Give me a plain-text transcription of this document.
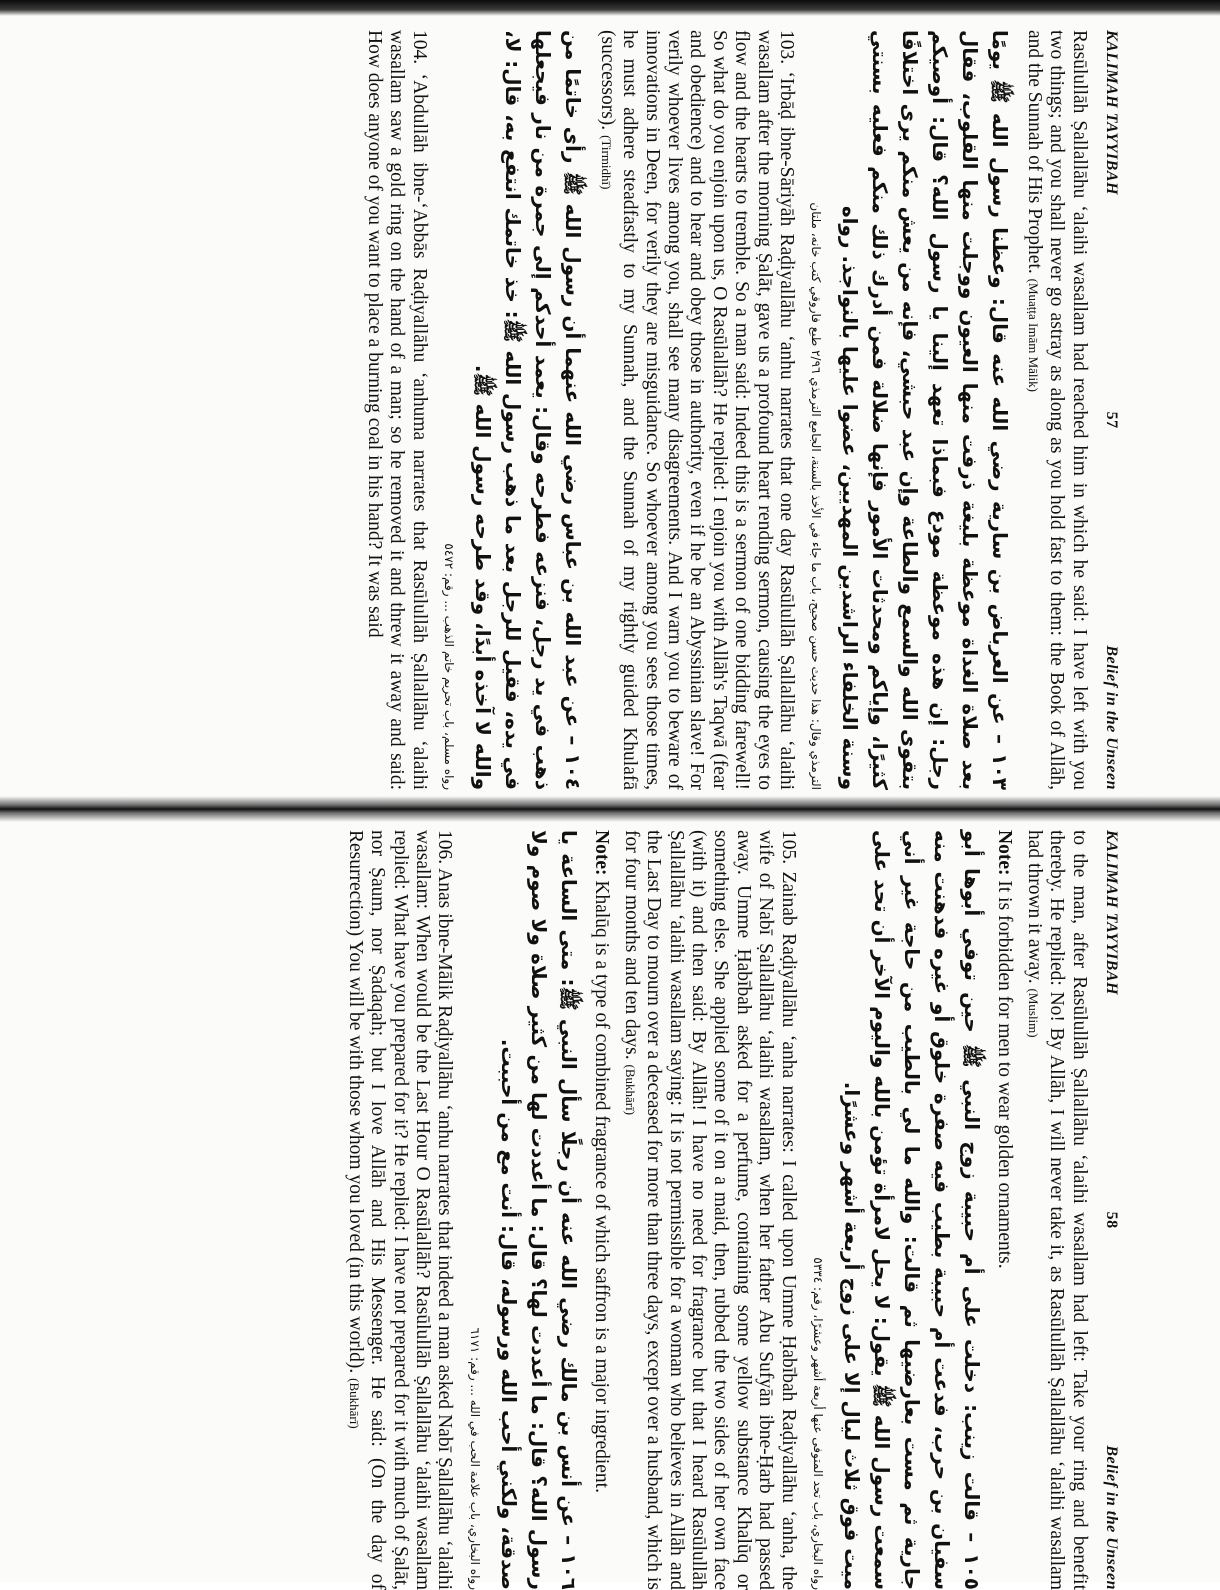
KALIMAH TAYYIBAH
57
Belief in the Unseen

Rasūlullāh Ṣallallāhu ʻalaihi wasallam had reached him in which he said: I have left with you two things; and you shall never go astray as along as you hold fast to them: the Book of Allāh, and the Sunnah of His Prophet. (Muaṭṭa Imām Mālik)

١٠٣ – عن العرباض بن سارية رضي الله عنه قال: وعظنا رسول الله ﷺ يومًا بعد صلاة الغداة موعظة بليغة ذرفت منها العيون ووجلت منها القلوب، فقال رجل: إن هذه موعظة مودع فبماذا تعهد إلينا يا رسول الله؟ قال: أوصيكم بتقوى الله والسمع والطاعة وإن عبد حبشي، فإنه من يعش منكم يرى اختلافًا كثيرًا، وإياكم ومحدثات الأمور فإنها ضلالة فمن أدرك ذلك منكم فعليه بسنتي وسنة الخلفاء الراشدين المهديين، عضوا عليها بالنواجذ. رواه
الترمذي وقال: هذا حديث حسن صحيح، باب ما جاء في الأخذ بالسنة، الجامع الترمذي ٢/٩٦ طبع فاروقي كتب خانه، ملتان

103. ʻIrbāḍ ibne-Sāriyāh Raḍiyallāhu ʻanhu narrates that one day Rasūlullāh Ṣallallāhu ʻalaihi wasallam after the morning Ṣalāt, gave us a profound heart rending sermon, causing the eyes to flow and the hearts to tremble. So a man said: Indeed this is a sermon of one bidding farewell! So what do you enjoin upon us, O Rasūlallāh? He replied: I enjoin you with Allāh's Taqwā (fear and obedience) and to hear and obey those in authority, even if he be an Abyssinian slave! For verily whoever lives among you, shall see many disagreements. And I warn you to beware of innovations in Deen, for verily they are misguidance. So whoever among you sees those times, he must adhere steadfastly to my Sunnah, and the Sunnah of my rightly guided Khulafā (successors). (Tirmidhī)

١٠٤ – عن عبد الله بن عباس رضي الله عنهما أن رسول الله ﷺ رأى خاتمًا من ذهب في يد رجل، فنزعه فطرحه وقال: يعمد أحدكم إلى جمرة من نار فيجعلها في يده، فقيل للرجل بعد ما ذهب رسول الله ﷺ: خذ خاتمك انتفع به، قال: لا، والله لا آخذه أبدًا، وقد طرحه رسول الله ﷺ.
رواه مسلم، باب تحريم خاتم الذهب ... رقم: ٥٤٧٢

104. ʻAbdullāh ibne-ʻAbbās Raḍiyallāhu ʻanhuma narrates that Rasūlullāh Ṣallallāhu ʻalaihi wasallam saw a gold ring on the hand of a man; so he removed it and threw it away and said: How does anyone of you want to place a burning coal in his hand? It was said

KALIMAH TAYYIBAH
58
Belief in the Unseen

to the man, after Rasūlullāh Ṣallallāhu ʻalaihi wasallam had left: Take your ring and benefit thereby. He replied: No! By Allāh, I will never take it, as Rasūlullāh Ṣallallāhu ʻalaihi wasallam had thrown it away. (Muslim)

Note: It is forbidden for men to wear golden ornaments.

١٠٥ – قالت زينب: دخلت على أم حبيبة زوج النبي ﷺ حين توفي أبوها أبو سفيان بن حرب، فدعت أم حبيبة بطيب فيه صفرة خلوق أو غيره فدهنت منه جارية ثم مست بعارضيها ثم قالت: والله ما لي بالطيب من حاجة غير أني سمعت رسول الله ﷺ يقول: لا يحل لامرأة تؤمن بالله واليوم الآخر أن تحد على ميت فوق ثلاث ليال إلا على زوج أربعة أشهر وعشرًا.
رواه البخاري، باب تحد المتوفى عنها أربعة أشهر وعشرًا، رقم: ٥٣٣٤

105. Zainab Raḍiyallāhu ʻanha narrates: I called upon Umme Ḥabībah Raḍiyallāhu ʻanha, the wife of Nabī Ṣallallāhu ʻalaihi wasallam, when her father Abu Sufyān ibne-Ḥarb had passed away. Umme Ḥabībah asked for a perfume, containing some yellow substance Khalūq or something else. She applied some of it on a maid, then, rubbed the two sides of her own face (with it) and then said: By Allāh! I have no need for fragrance but that I heard Rasūlullāh Ṣallallāhu ʻalaihi wasallam saying: It is not permissible for a woman who believes in Allāh and the Last Day to mourn over a deceased for more than three days, except over a husband, which is for four months and ten days. (Bukhārī)

Note: Khalūq is a type of combined fragrance of which saffron is a major ingredient.

١٠٦ – عن أنس بن مالك رضي الله عنه أن رجلًا سأل النبي ﷺ: متى الساعة يا رسول الله؟ قال: ما أعددت لها؟ قال: ما أعددت لها من كثير صلاة ولا صوم ولا صدقة، ولكني أحب الله ورسوله، قال: أنت مع من أحببت.
رواه البخاري، باب علامة الحب في الله ... رقم: ٦١٧١

106. Anas ibne-Mālik Raḍiyallāhu ʻanhu narrates that indeed a man asked Nabī Ṣallallāhu ʻalaihi wasallam: When would be the Last Hour O Rasūlallāh? Rasūlullāh Ṣallallāhu ʻalaihi wasallam replied: What have you prepared for it? He replied: I have not prepared for it with much of Ṣalāt, nor Ṣaum, nor Ṣadaqah; but I love Allāh and His Messenger. He said: (On the day of Resurrection) You will be with those whom you loved (in this world). (Bukhārī)
